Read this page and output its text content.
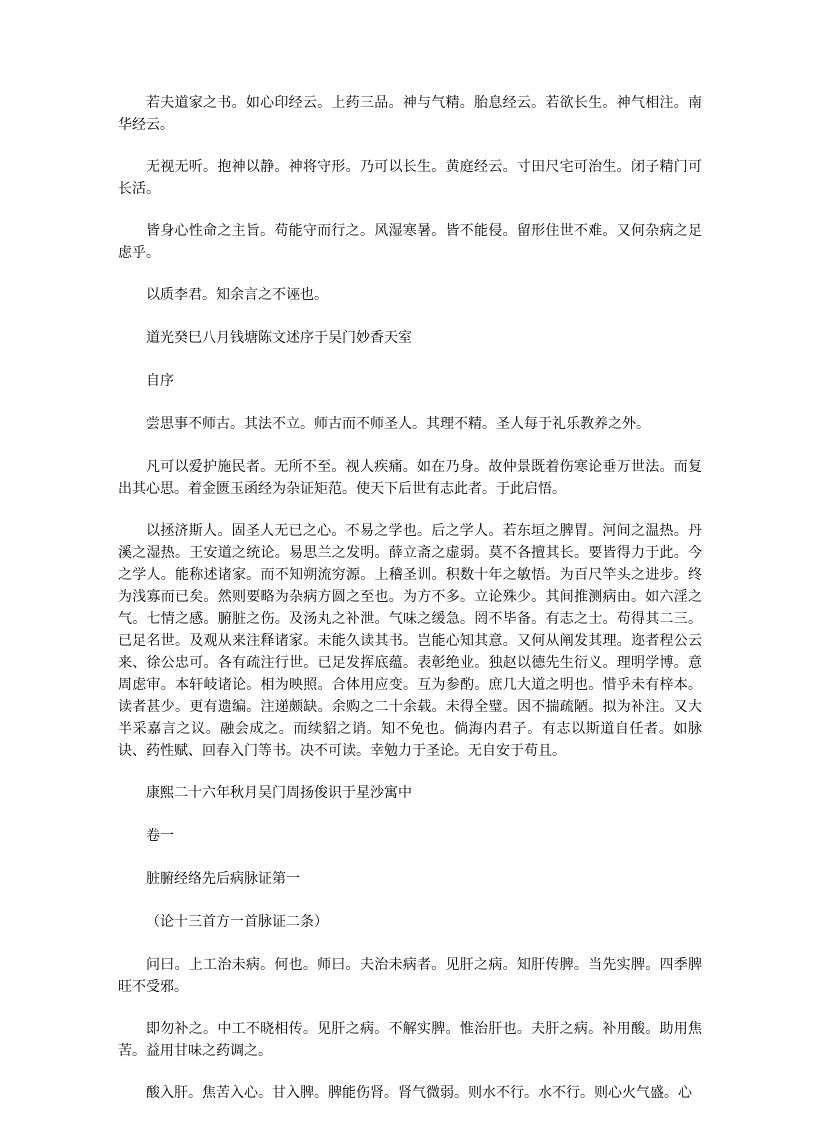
若夫道家之书。如心印经云。上药三品。神与气精。胎息经云。若欲长生。神气相注。南华经云。

无视无听。抱神以静。神将守形。乃可以长生。黄庭经云。寸田尺宅可治生。闭子精门可长活。

皆身心性命之主旨。苟能守而行之。风湿寒暑。皆不能侵。留形住世不难。又何杂病之足虑乎。

以质李君。知余言之不诬也。

道光癸巳八月钱塘陈文述序于吴门妙香天室

自序

尝思事不师古。其法不立。师古而不师圣人。其理不精。圣人每于礼乐教养之外。

凡可以爱护施民者。无所不至。视人疾痛。如在乃身。故仲景既着伤寒论垂万世法。而复出其心思。着金匮玉函经为杂证矩范。使天下后世有志此者。于此启悟。

以拯济斯人。固圣人无已之心。不易之学也。后之学人。若东垣之脾胃。河间之温热。丹溪之湿热。王安道之统论。易思兰之发明。薛立斋之虚弱。莫不各擅其长。要皆得力于此。今之学人。能称述诸家。而不知朔流穷源。上稽圣训。积数十年之敏悟。为百尺竿头之进步。终为浅寡而已矣。然则要略为杂病方圆之至也。为方不多。立论殊少。其间推测病由。如六淫之气。七情之感。腑脏之伤。及汤丸之补泄。气味之缓急。罔不毕备。有志之士。苟得其二三。已足名世。及观从来注释诸家。未能久读其书。岂能心知其意。又何从阐发其理。迩者程公云来、徐公忠可。各有疏注行世。已足发挥底蕴。表彰绝业。独赵以德先生衍义。理明学博。意周虑审。本轩岐诸论。相为映照。合体用应变。互为参酌。庶几大道之明也。惜乎未有梓本。读者甚少。更有遗编。注递颇缺。余购之二十余载。未得全璧。因不揣疏陋。拟为补注。又大半采嘉言之议。融会成之。而续貂之诮。知不免也。倘海内君子。有志以斯道自任者。如脉诀、药性赋、回春入门等书。决不可读。幸勉力于圣论。无自安于苟且。

康熙二十六年秋月吴门周扬俊识于星沙寓中

卷一

脏腑经络先后病脉证第一

（论十三首方一首脉证二条）

问曰。上工治未病。何也。师曰。夫治未病者。见肝之病。知肝传脾。当先实脾。四季脾旺不受邪。

即勿补之。中工不晓相传。见肝之病。不解实脾。惟治肝也。夫肝之病。补用酸。助用焦苦。益用甘味之药调之。

酸入肝。焦苦入心。甘入脾。脾能伤肾。肾气微弱。则水不行。水不行。则心火气盛。心
